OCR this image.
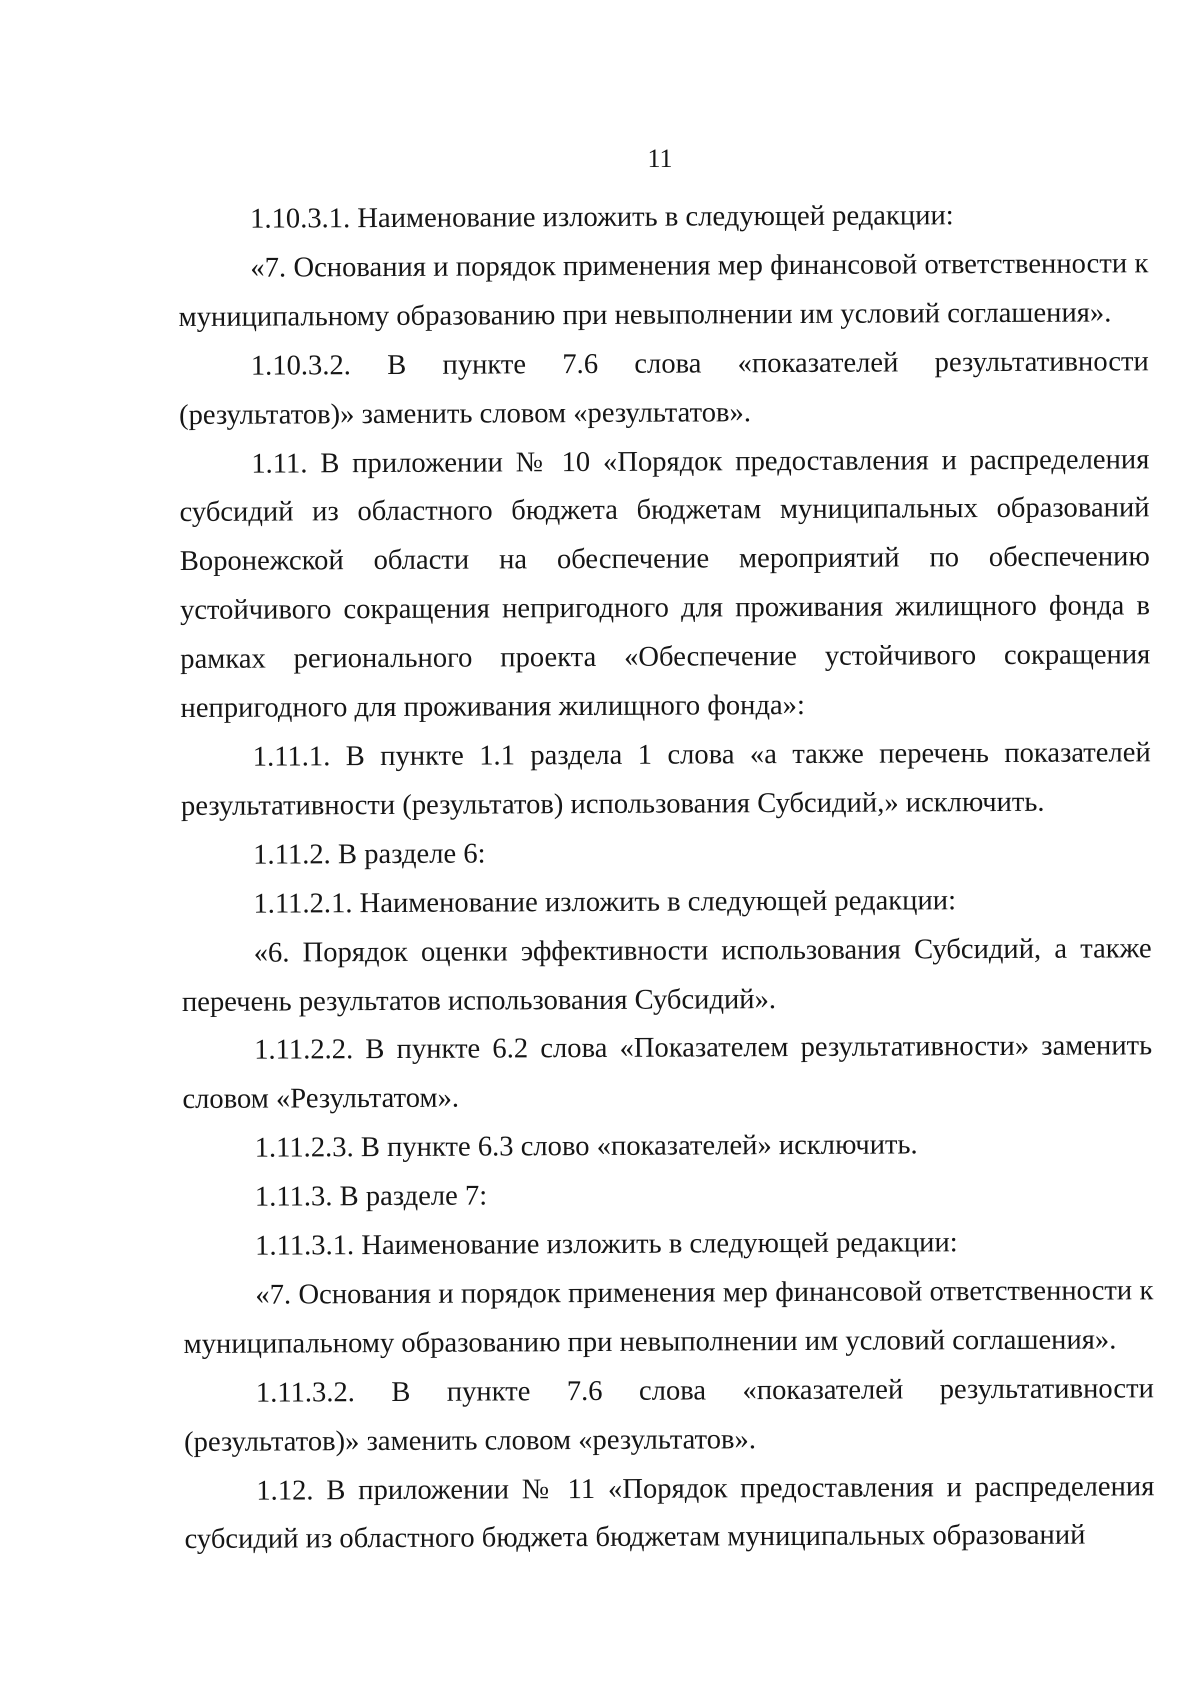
11

1.10.3.1. Наименование изложить в следующей редакции:

«7. Основания и порядок применения мер финансовой ответственности к муниципальному образованию при невыполнении им условий соглашения».

1.10.3.2. В пункте 7.6 слова «показателей результативности (результатов)» заменить словом «результатов».

1.11. В приложении № 10 «Порядок предоставления и распределения субсидий из областного бюджета бюджетам муниципальных образований Воронежской области на обеспечение мероприятий по обеспечению устойчивого сокращения непригодного для проживания жилищного фонда в рамках регионального проекта «Обеспечение устойчивого сокращения непригодного для проживания жилищного фонда»:

1.11.1. В пункте 1.1 раздела 1 слова «а также перечень показателей результативности (результатов) использования Субсидий,» исключить.

1.11.2. В разделе 6:

1.11.2.1. Наименование изложить в следующей редакции:

«6. Порядок оценки эффективности использования Субсидий, а также перечень результатов использования Субсидий».

1.11.2.2. В пункте 6.2 слова «Показателем результативности» заменить словом «Результатом».

1.11.2.3. В пункте 6.3 слово «показателей» исключить.

1.11.3. В разделе 7:

1.11.3.1. Наименование изложить в следующей редакции:

«7. Основания и порядок применения мер финансовой ответственности к муниципальному образованию при невыполнении им условий соглашения».

1.11.3.2. В пункте 7.6 слова «показателей результативности (результатов)» заменить словом «результатов».

1.12. В приложении № 11 «Порядок предоставления и распределения субсидий из областного бюджета бюджетам муниципальных образований
